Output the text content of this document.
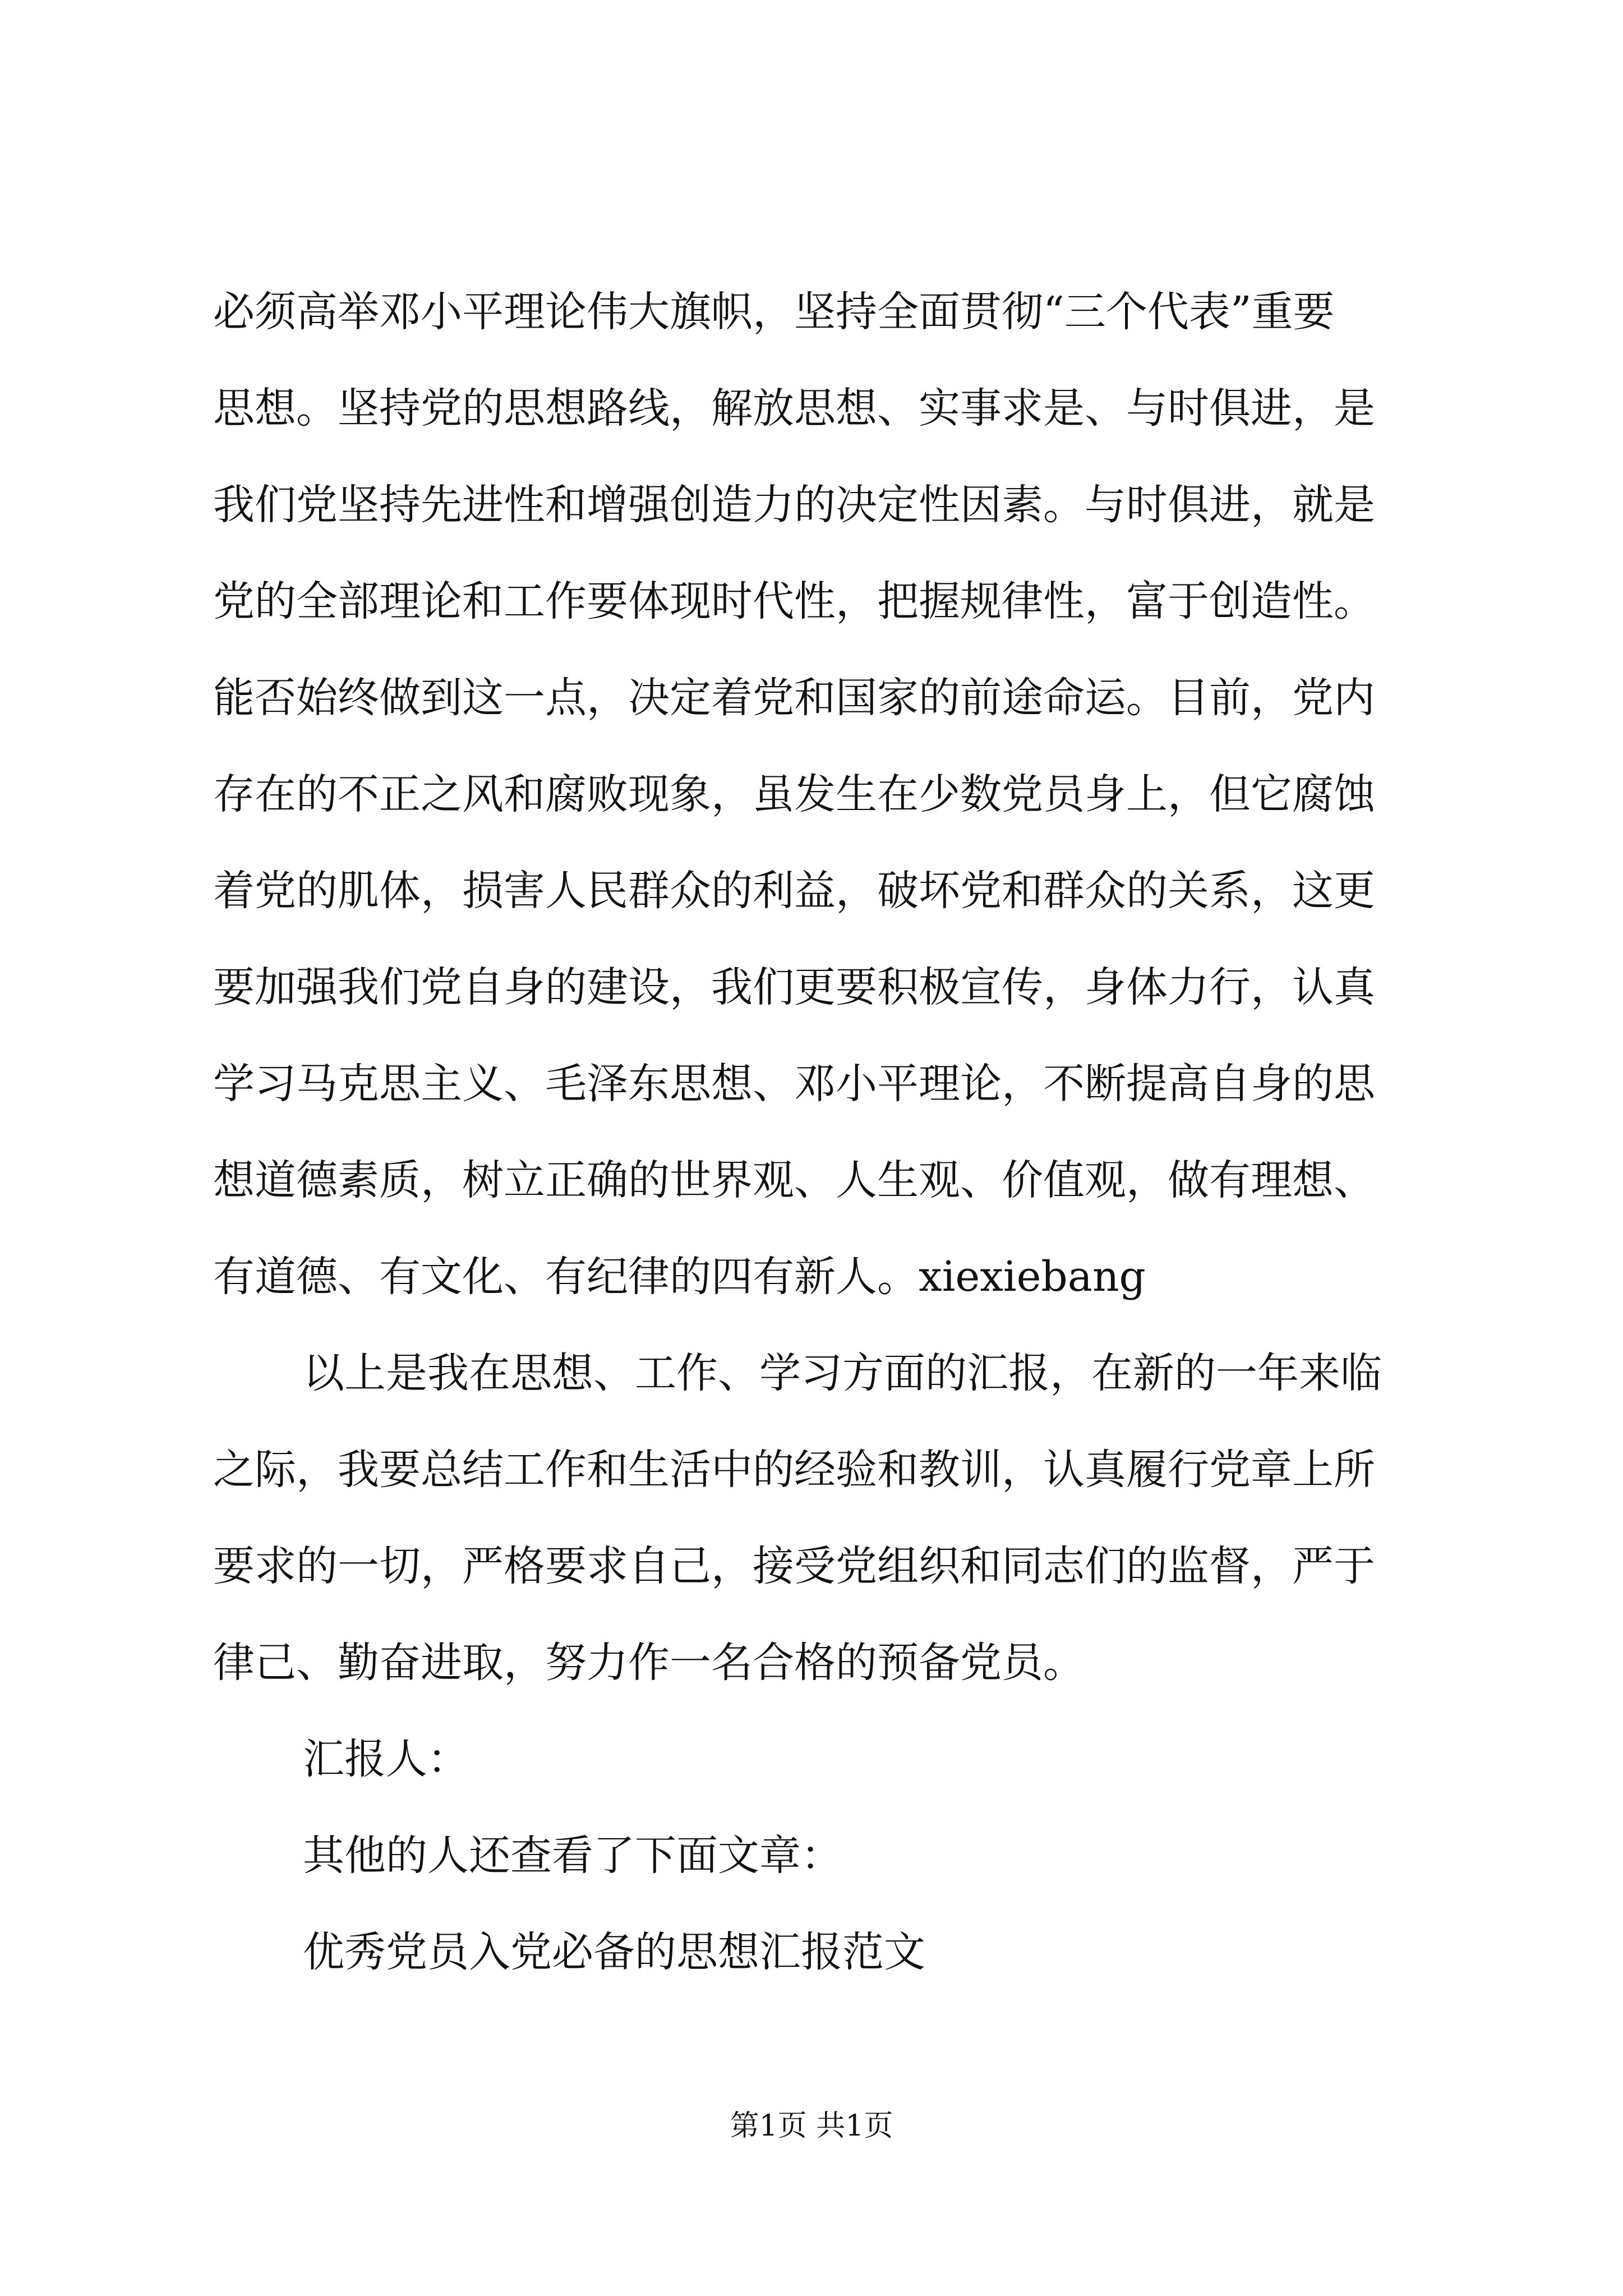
必须高举邓小平理论伟大旗帜，坚持全面贯彻“三个代表”重要
思想。坚持党的思想路线，解放思想、实事求是、与时俱进，是
我们党坚持先进性和增强创造力的决定性因素。与时俱进，就是
党的全部理论和工作要体现时代性，把握规律性，富于创造性。
能否始终做到这一点，决定着党和国家的前途命运。目前，党内
存在的不正之风和腐败现象，虽发生在少数党员身上，但它腐蚀
着党的肌体，损害人民群众的利益，破坏党和群众的关系，这更
要加强我们党自身的建设，我们更要积极宣传，身体力行，认真
学习马克思主义、毛泽东思想、邓小平理论，不断提高自身的思
想道德素质，树立正确的世界观、人生观、价值观，做有理想、
有道德、有文化、有纪律的四有新人。xiexiebang
以上是我在思想、工作、学习方面的汇报，在新的一年来临
之际，我要总结工作和生活中的经验和教训，认真履行党章上所
要求的一切，严格要求自己，接受党组织和同志们的监督，严于
律己、勤奋进取，努力作一名合格的预备党员。
汇报人：
其他的人还查看了下面文章：
优秀党员入党必备的思想汇报范文
第1页 共1页
